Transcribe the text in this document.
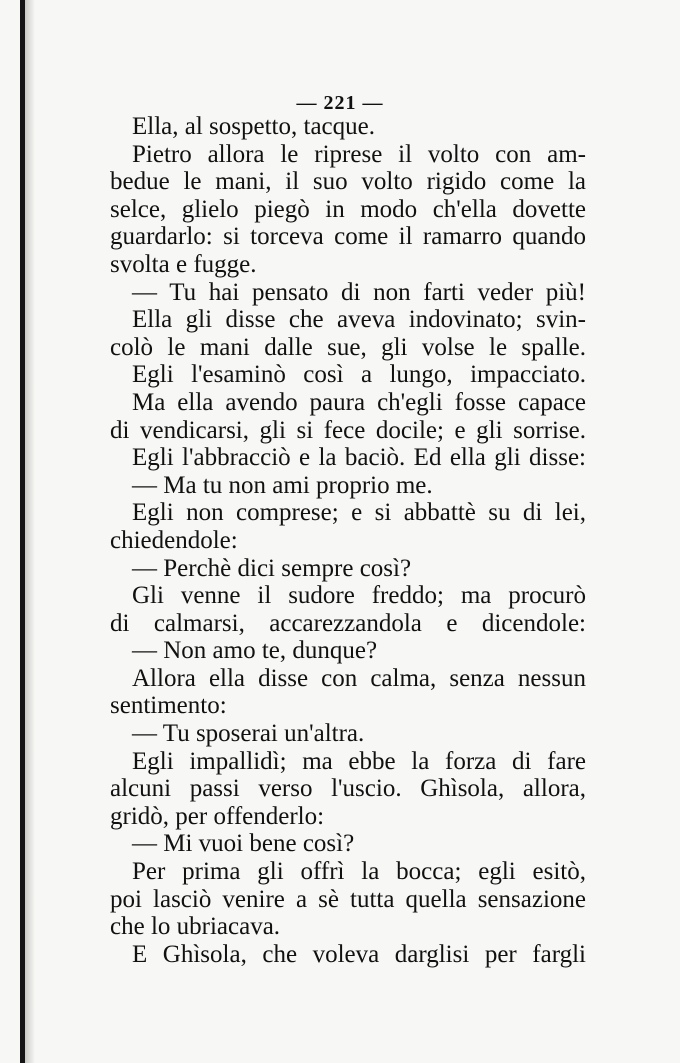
— 221 —
Ella, al sospetto, tacque.
Pietro allora le riprese il volto con am-
bedue le mani, il suo volto rigido come la
selce, glielo piegò in modo ch'ella dovette
guardarlo: si torceva come il ramarro quando
svolta e fugge.
— Tu hai pensato di non farti veder più!
Ella gli disse che aveva indovinato; svin-
colò le mani dalle sue, gli volse le spalle.
Egli l'esaminò così a lungo, impacciato.
Ma ella avendo paura ch'egli fosse capace
di vendicarsi, gli si fece docile; e gli sorrise.
Egli l'abbracciò e la baciò. Ed ella gli disse:
— Ma tu non ami proprio me.
Egli non comprese; e si abbattè su di lei,
chiedendole:
— Perchè dici sempre così?
Gli venne il sudore freddo; ma procurò
di calmarsi, accarezzandola e dicendole:
— Non amo te, dunque?
Allora ella disse con calma, senza nessun
sentimento:
— Tu sposerai un'altra.
Egli impallidì; ma ebbe la forza di fare
alcuni passi verso l'uscio. Ghìsola, allora,
gridò, per offenderlo:
— Mi vuoi bene così?
Per prima gli offrì la bocca; egli esitò,
poi lasciò venire a sè tutta quella sensazione
che lo ubriacava.
E Ghìsola, che voleva darglisi per fargli
